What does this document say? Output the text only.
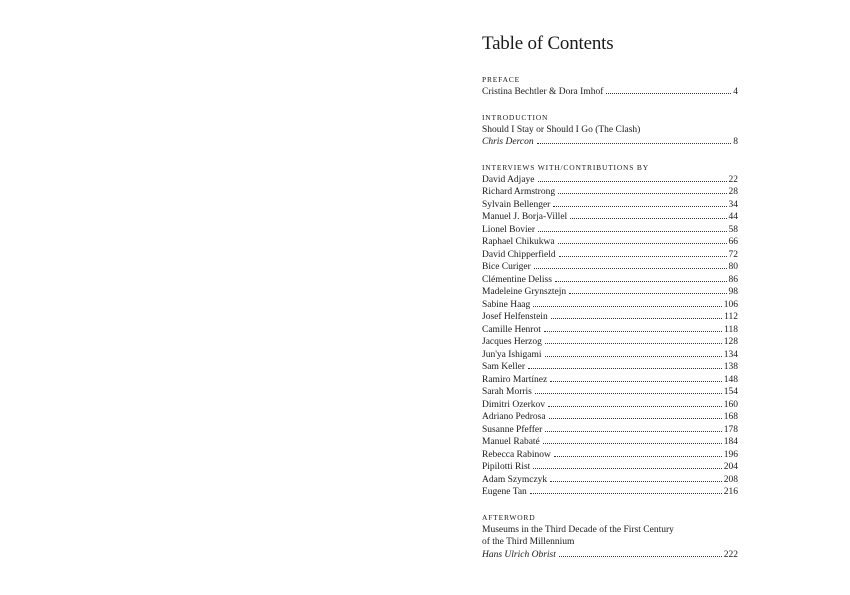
Table of Contents
PREFACE
Cristina Bechtler & Dora Imhof	4
INTRODUCTION
Should I Stay or Should I Go (The Clash)
Chris Dercon	8
INTERVIEWS WITH/CONTRIBUTIONS BY
David Adjaye	22
Richard Armstrong	28
Sylvain Bellenger	34
Manuel J. Borja-Villel	44
Lionel Bovier	58
Raphael Chikukwa	66
David Chipperfield	72
Bice Curiger	80
Clémentine Deliss	86
Madeleine Grynsztejn	98
Sabine Haag	106
Josef Helfenstein	112
Camille Henrot	118
Jacques Herzog	128
Jun'ya Ishigami	134
Sam Keller	138
Ramiro Martínez	148
Sarah Morris	154
Dimitri Ozerkov	160
Adriano Pedrosa	168
Susanne Pfeffer	178
Manuel Rabaté	184
Rebecca Rabinow	196
Pipilotti Rist	204
Adam Szymczyk	208
Eugene Tan	216
AFTERWORD
Museums in the Third Decade of the First Century
of the Third Millennium
Hans Ulrich Obrist	222
